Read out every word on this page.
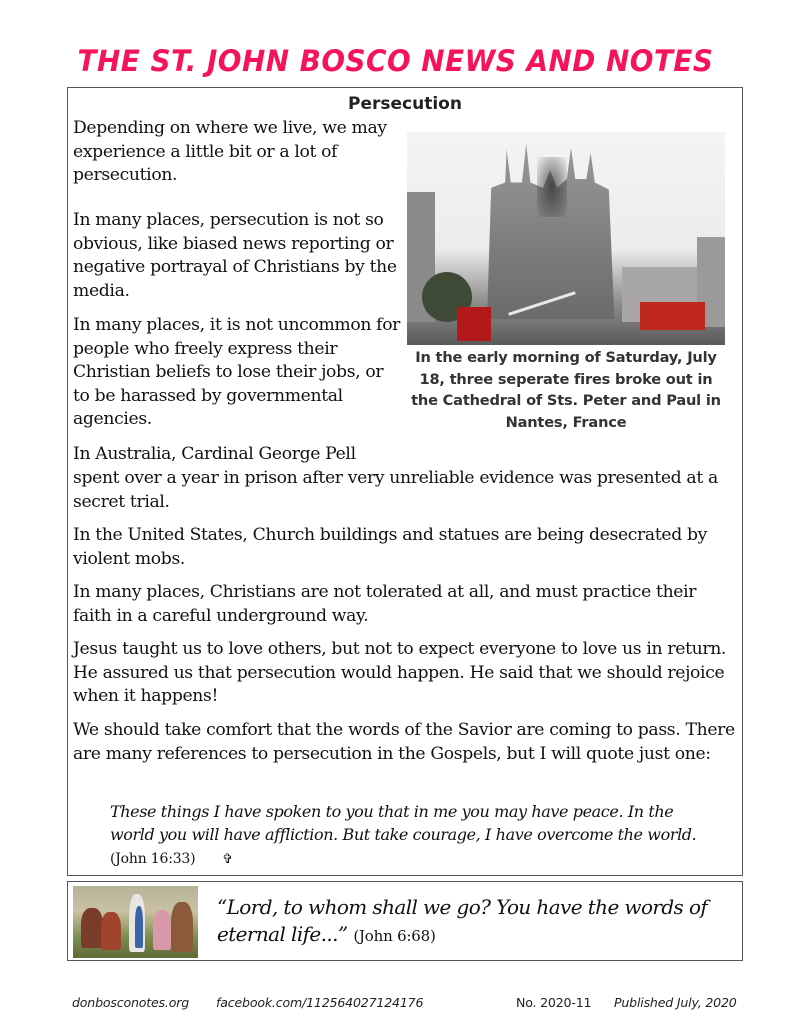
THE ST. JOHN BOSCO NEWS AND NOTES
Persecution

Depending on where we live, we may experience a little bit or a lot of persecution.

In many places, persecution is not so obvious, like biased news reporting or negative portrayal of Christians by the media.

In many places, it is not uncommon for people who freely express their Christian beliefs to lose their jobs, or to be harassed by governmental agencies.

In Australia, Cardinal George Pell

spent over a year in prison after very unreliable evidence was presented at a secret trial.

In the United States, Church buildings and statues are being desecrated by violent mobs.

In many places, Christians are not tolerated at all, and must practice their faith in a careful underground way.

Jesus taught us to love others, but not to expect everyone to love us in return. He assured us that persecution would happen. He said that we should rejoice when it happens!

We should take comfort that the words of the Savior are coming to pass. There are many references to persecution in the Gospels, but I will quote just one:

In the early morning of Saturday, July 18, three seperate fires broke out in the Cathedral of Sts. Peter and Paul in Nantes, France
These things I have spoken to you that in me you may have peace. In the world you will have affliction. But take courage, I have overcome the world. (John 16:33) ✞
“Lord, to whom shall we go? You have the words of eternal life...” (John 6:68)
donbosconotes.org facebook.com/112564027124176	No. 2020-11 Published July, 2020
